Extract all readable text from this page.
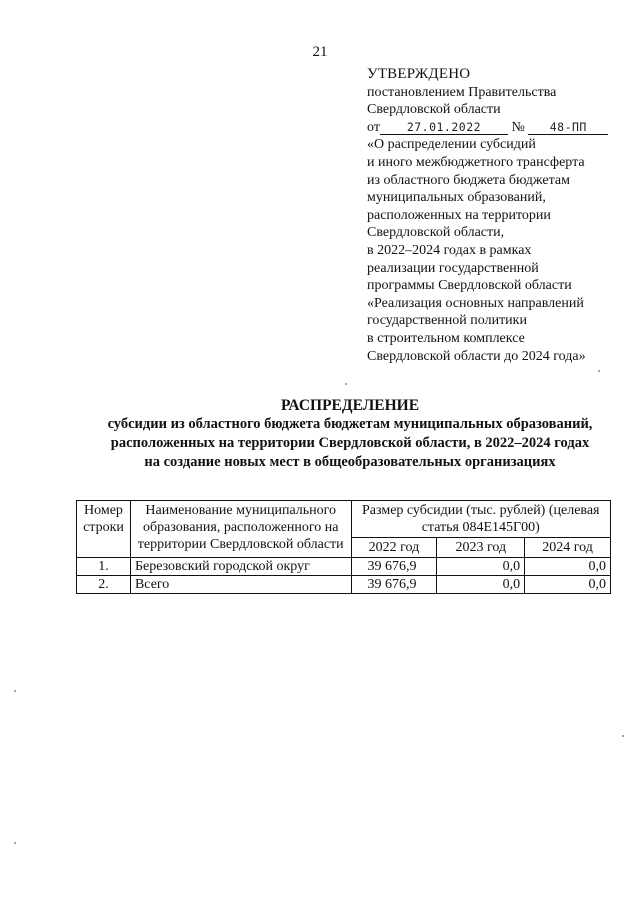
21
УТВЕРЖДЕНО
постановлением Правительства
Свердловской области
от 27.01.2022 № 48-ПП
«О распределении субсидий
и иного межбюджетного трансферта
из областного бюджета бюджетам
муниципальных образований,
расположенных на территории
Свердловской области,
в 2022–2024 годах в рамках
реализации государственной
программы Свердловской области
«Реализация основных направлений
государственной политики
в строительном комплексе
Свердловской области до 2024 года»
РАСПРЕДЕЛЕНИЕ
субсидии из областного бюджета бюджетам муниципальных образований,
расположенных на территории Свердловской области, в 2022–2024 годах
на создание новых мест в общеобразовательных организациях
Номер строки	Наименование муниципального образования, расположенного на территории Свердловской области	Размер субсидии (тыс. рублей) (целевая статья 084Е145Г00)		
		2022 год	2023 год	2024 год
1.	Березовский городской округ	39 676,9	0,0	0,0
2.	Всего	39 676,9	0,0	0,0
